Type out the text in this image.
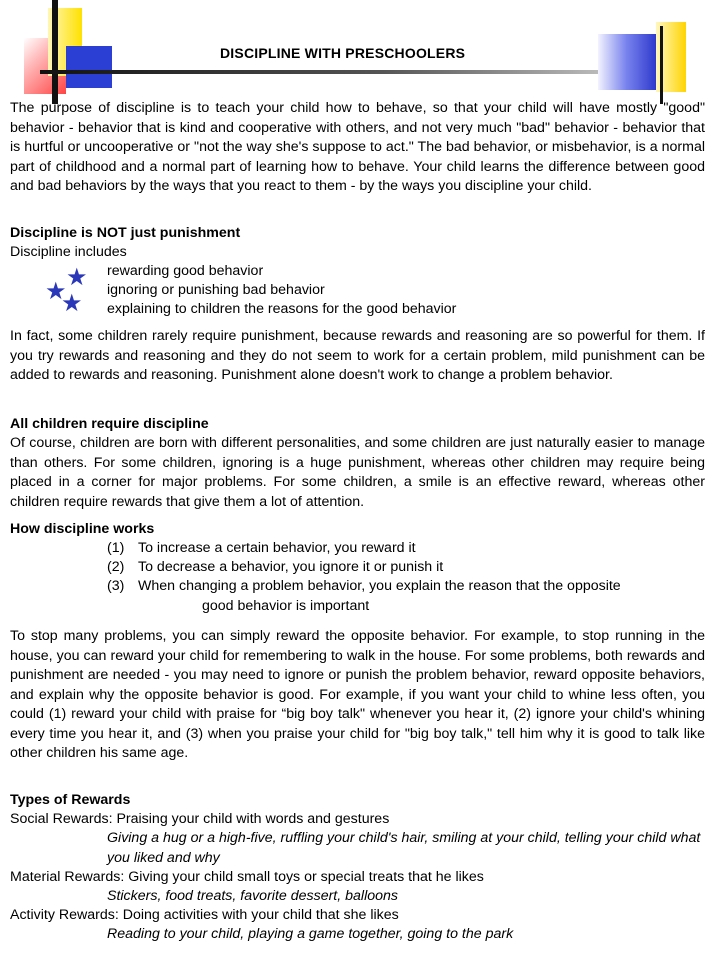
DISCIPLINE WITH PRESCHOOLERS
The purpose of discipline is to teach your child how to behave, so that your child will have mostly "good" behavior - behavior that is kind and cooperative with others, and not very much "bad" behavior - behavior that is hurtful or uncooperative or "not the way she's suppose to act." The bad behavior, or misbehavior, is a normal part of childhood and a normal part of learning how to behave. Your child learns the difference between good and bad behaviors by the ways that you react to them - by the ways you discipline your child.
Discipline is NOT just punishment
Discipline includes
rewarding good behavior
ignoring or punishing bad behavior
explaining to children the reasons for the good behavior
★
★
★
In fact, some children rarely require punishment, because rewards and reasoning are so powerful for them. If you try rewards and reasoning and they do not seem to work for a certain problem, mild punishment can be added to rewards and reasoning. Punishment alone doesn't work to change a problem behavior.
All children require discipline
Of course, children are born with different personalities, and some children are just naturally easier to manage than others. For some children, ignoring is a huge punishment, whereas other children may require being placed in a corner for major problems. For some children, a smile is an effective reward, whereas other children require rewards that give them a lot of attention.
How discipline works
(1) To increase a certain behavior, you reward it
(2) To decrease a behavior, you ignore it or punish it
(3) When changing a problem behavior, you explain the reason that the opposite
good behavior is important
To stop many problems, you can simply reward the opposite behavior. For example, to stop running in the house, you can reward your child for remembering to walk in the house. For some problems, both rewards and punishment are needed - you may need to ignore or punish the problem behavior, reward opposite behaviors, and explain why the opposite behavior is good. For example, if you want your child to whine less often, you could (1) reward your child with praise for “big boy talk" whenever you hear it, (2) ignore your child's whining every time you hear it, and (3) when you praise your child for "big boy talk," tell him why it is good to talk like other children his same age.
Types of Rewards
Social Rewards: Praising your child with words and gestures
Giving a hug or a high-five, ruffling your child's hair, smiling at your child, telling your child what you liked and why
Material Rewards: Giving your child small toys or special treats that he likes
Stickers, food treats, favorite dessert, balloons
Activity Rewards: Doing activities with your child that she likes
Reading to your child, playing a game together, going to the park
